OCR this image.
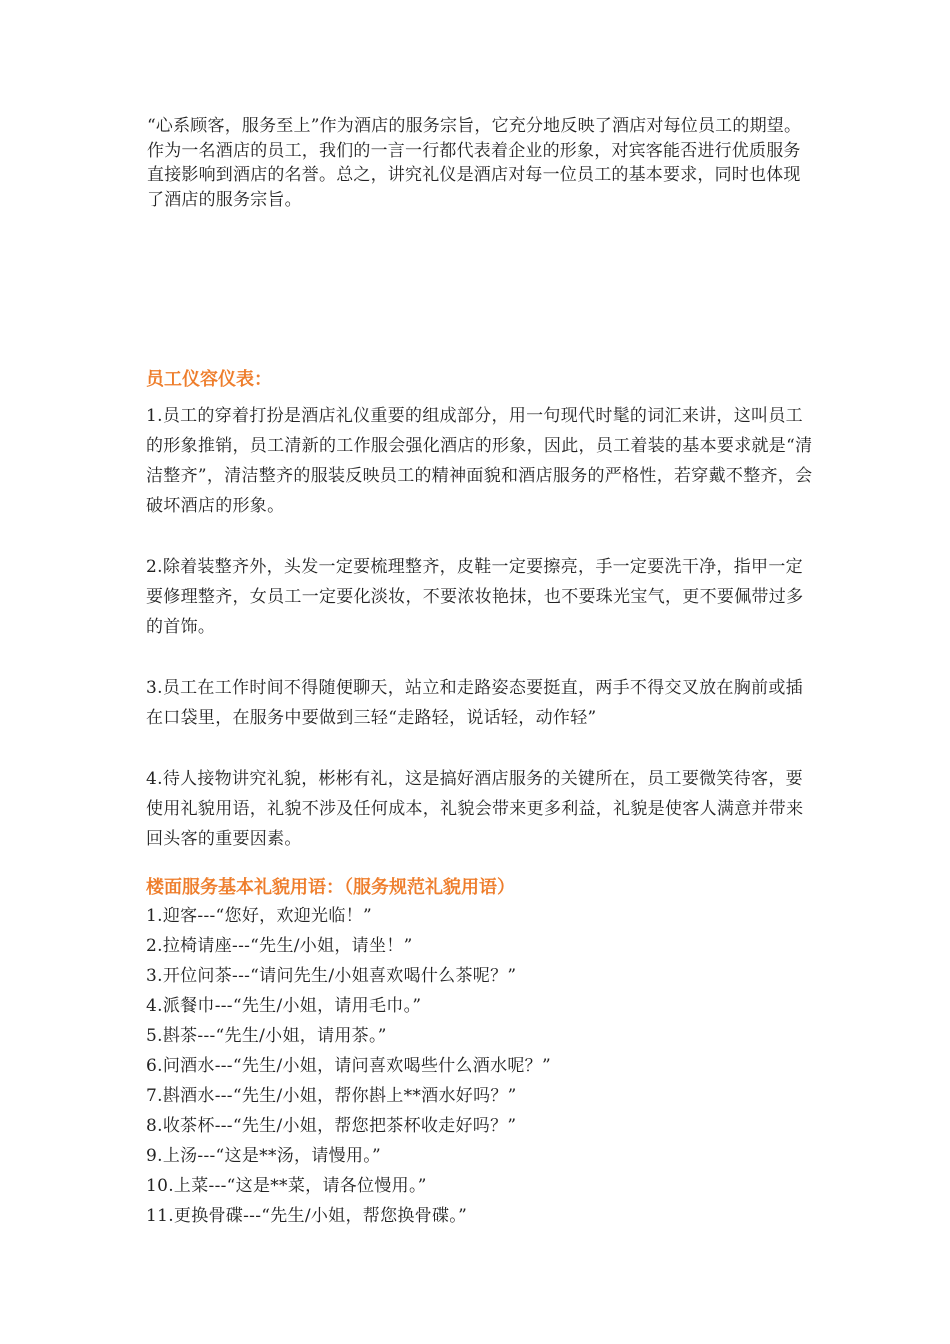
“心系顾客，服务至上”作为酒店的服务宗旨，它充分地反映了酒店对每位员工的期望。作为一名酒店的员工，我们的一言一行都代表着企业的形象，对宾客能否进行优质服务直接影响到酒店的名誉。总之，讲究礼仪是酒店对每一位员工的基本要求，同时也体现了酒店的服务宗旨。

员工仪容仪表：

1.员工的穿着打扮是酒店礼仪重要的组成部分，用一句现代时髦的词汇来讲，这叫员工的形象推销，员工清新的工作服会强化酒店的形象，因此，员工着装的基本要求就是“清洁整齐”，清洁整齐的服装反映员工的精神面貌和酒店服务的严格性，若穿戴不整齐，会破坏酒店的形象。

2.除着装整齐外，头发一定要梳理整齐，皮鞋一定要擦亮，手一定要洗干净，指甲一定要修理整齐，女员工一定要化淡妆，不要浓妆艳抹，也不要珠光宝气，更不要佩带过多的首饰。

3.员工在工作时间不得随便聊天，站立和走路姿态要挺直，两手不得交叉放在胸前或插在口袋里，在服务中要做到三轻“走路轻，说话轻，动作轻”

4.待人接物讲究礼貌，彬彬有礼，这是搞好酒店服务的关键所在，员工要微笑待客，要使用礼貌用语，礼貌不涉及任何成本，礼貌会带来更多利益，礼貌是使客人满意并带来回头客的重要因素。

楼面服务基本礼貌用语：（服务规范礼貌用语）
1.迎客---“您好，欢迎光临！”
2.拉椅请座---“先生/小姐，请坐！”
3.开位问茶---“请问先生/小姐喜欢喝什么茶呢？”
4.派餐巾---“先生/小姐，请用毛巾。”
5.斟茶---“先生/小姐，请用茶。”
6.问酒水---“先生/小姐，请问喜欢喝些什么酒水呢？”
7.斟酒水---“先生/小姐，帮你斟上**酒水好吗？”
8.收茶杯---“先生/小姐，帮您把茶杯收走好吗？”
9.上汤---“这是**汤，请慢用。”
10.上菜---“这是**菜，请各位慢用。”
11.更换骨碟---“先生/小姐，帮您换骨碟。”
